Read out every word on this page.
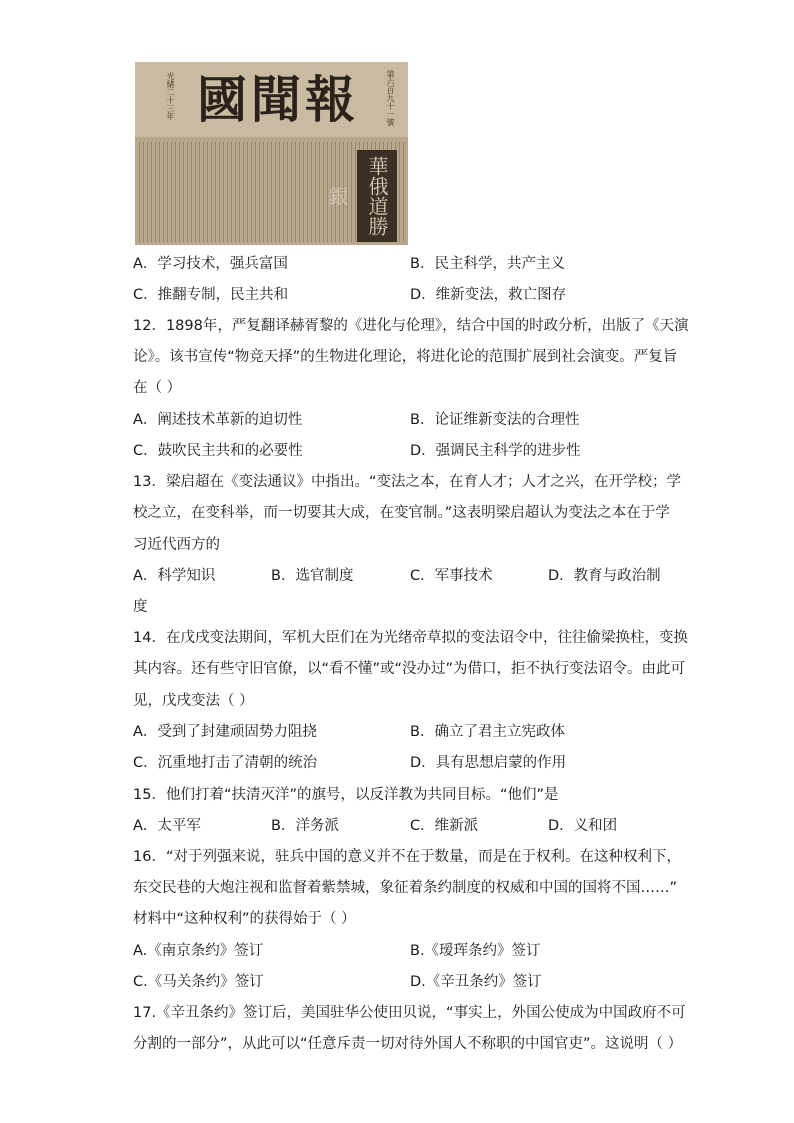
國聞報	第六百九十一號
光緒二十三年
華俄道勝銀
A．学习技术，强兵富国	B．民主科学，共产主义
C．推翻专制，民主共和	D．维新变法，救亡图存
12．1898年，严复翻译赫胥黎的《进化与伦理》，结合中国的时政分析，出版了《天演
论》。该书宣传“物竞天择”的生物进化理论，将进化论的范围扩展到社会演变。严复旨
在（ ）
A．阐述技术革新的迫切性	B．论证维新变法的合理性
C．鼓吹民主共和的必要性	D．强调民主科学的进步性
13．梁启超在《变法通议》中指出。“变法之本，在育人才；人才之兴，在开学校；学
校之立，在变科举，而一切要其大成，在变官制。”这表明梁启超认为变法之本在于学
习近代西方的
A．科学知识	B．选官制度	C．军事技术	D．教育与政治制
度
14．在戊戌变法期间，军机大臣们在为光绪帝草拟的变法诏令中，往往偷梁换柱，变换
其内容。还有些守旧官僚，以“看不懂”或“没办过”为借口，拒不执行变法诏令。由此可
见，戊戌变法（ ）
A．受到了封建顽固势力阻挠	B．确立了君主立宪政体
C．沉重地打击了清朝的统治	D．具有思想启蒙的作用
15．他们打着“扶清灭洋”的旗号，以反洋教为共同目标。“他们”是
A．太平军	B．洋务派	C．维新派	D．义和团
16．“对于列强来说，驻兵中国的意义并不在于数量，而是在于权利。在这种权利下，
东交民巷的大炮注视和监督着紫禁城，象征着条约制度的权威和中国的国将不国……”
材料中“这种权利”的获得始于（ ）
A.《南京条约》签订	B.《瑷珲条约》签订
C.《马关条约》签订	D.《辛丑条约》签订
17.《辛丑条约》签订后，美国驻华公使田贝说，“事实上，外国公使成为中国政府不可
分割的一部分”，从此可以“任意斥责一切对待外国人不称职的中国官吏”。这说明（ ）
